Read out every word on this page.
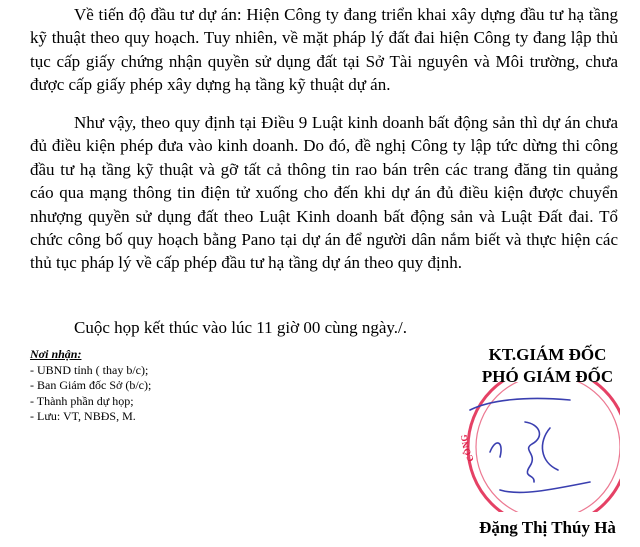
Về tiến độ đầu tư dự án: Hiện Công ty đang triển khai xây dựng đầu tư hạ tầng kỹ thuật theo quy hoạch. Tuy nhiên, về mặt pháp lý đất đai hiện Công ty đang lập thủ tục cấp giấy chứng nhận quyền sử dụng đất tại Sở Tài nguyên và Môi trường, chưa được cấp giấy phép xây dựng hạ tầng kỹ thuật dự án.

Như vậy, theo quy định tại Điều 9 Luật kinh doanh bất động sản thì dự án chưa đủ điều kiện phép đưa vào kinh doanh. Do đó, đề nghị Công ty lập tức dừng thi công đầu tư hạ tầng kỹ thuật và gỡ tất cả thông tin rao bán trên các trang đăng tin quảng cáo qua mạng thông tin điện tử xuống cho đến khi dự án đủ điều kiện được chuyển nhượng quyền sử dụng đất theo Luật Kinh doanh bất động sản và Luật Đất đai. Tổ chức công bố quy hoạch bằng Pano tại dự án để người dân nắm biết và thực hiện các thủ tục pháp lý về cấp phép đầu tư hạ tầng dự án theo quy định.

Cuộc họp kết thúc vào lúc 11 giờ 00 cùng ngày./.

Nơi nhận:
- UBND tỉnh ( thay b/c);
- Ban Giám đốc Sở (b/c);
- Thành phần dự họp;
- Lưu: VT, NBĐS, M.
KT.GIÁM ĐỐC
PHÓ GIÁM ĐỐC
CÔNG
Đặng Thị Thúy Hà
